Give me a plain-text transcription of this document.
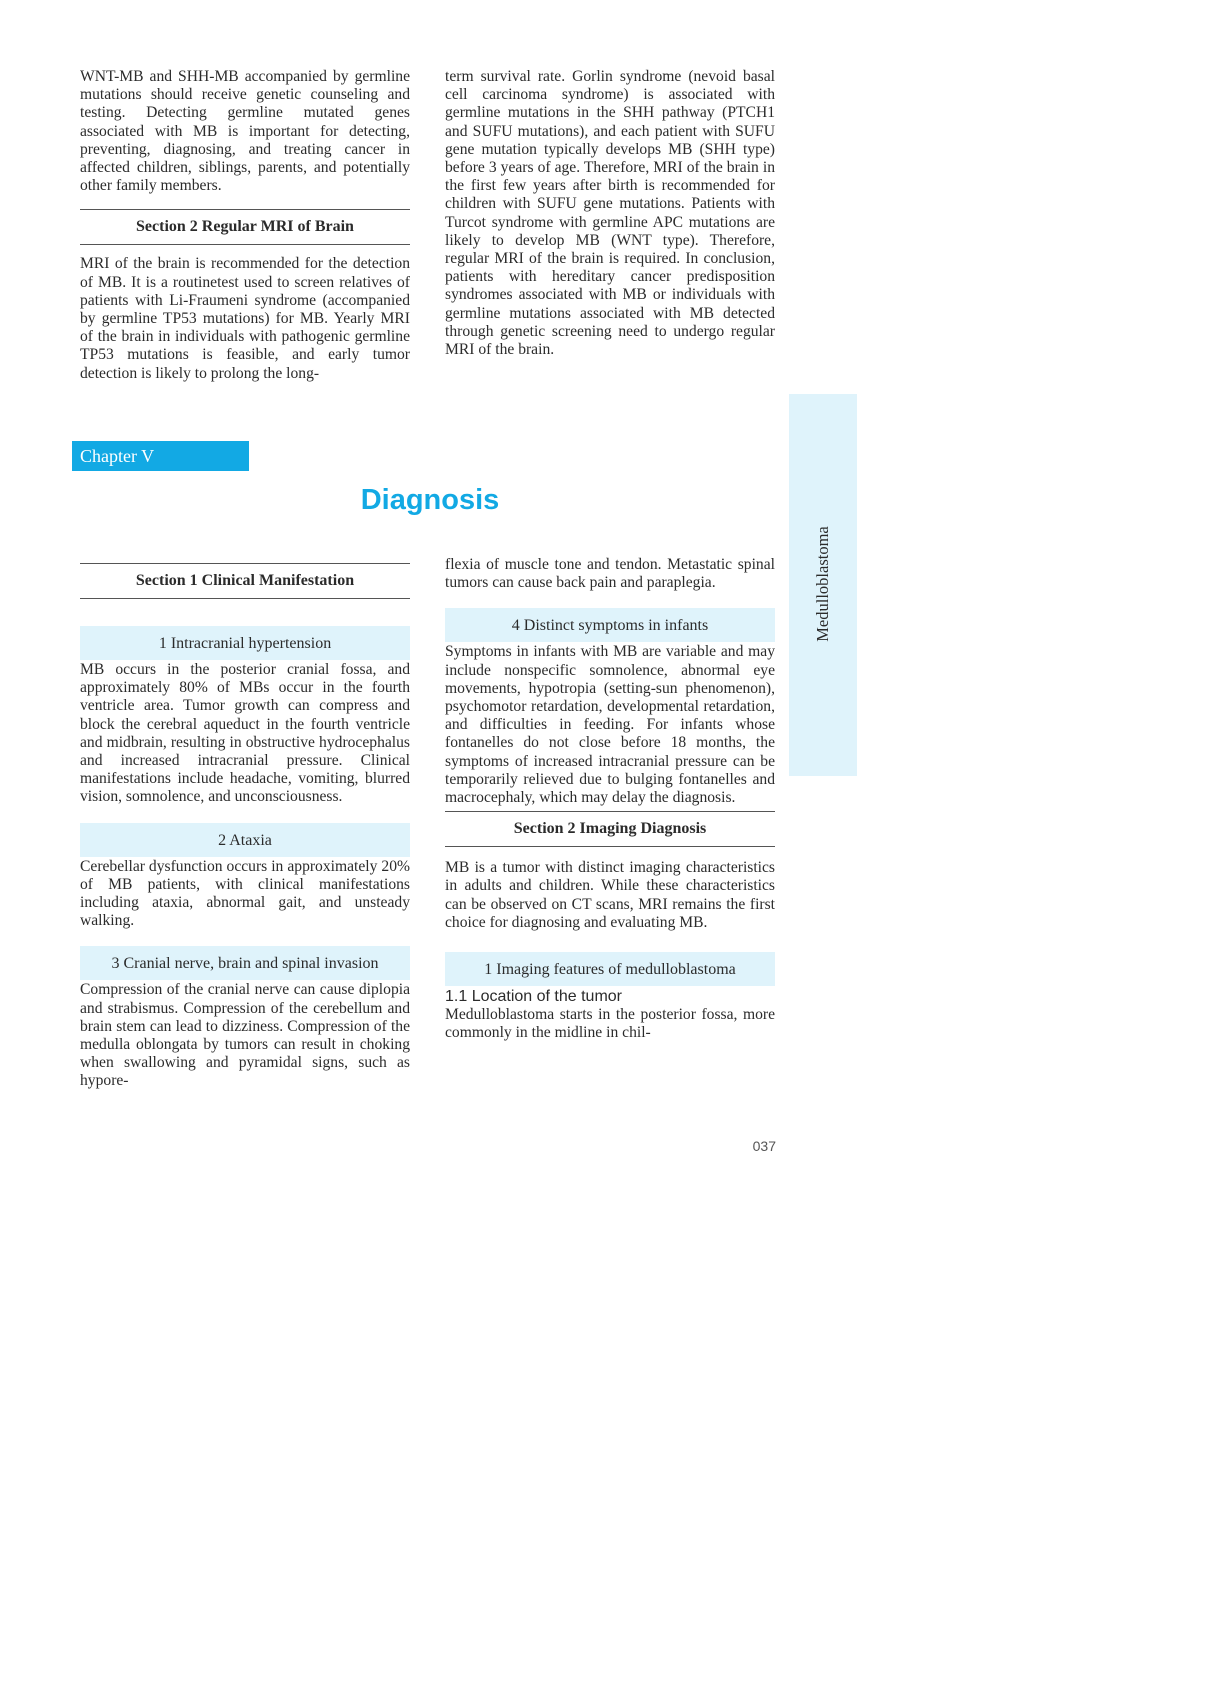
WNT-MB and SHH-MB accompanied by germline mutations should receive genetic counseling and testing. Detecting germline mutated genes associated with MB is important for detecting, preventing, diagnosing, and treating cancer in affected children, siblings, parents, and potentially other family members.

Section 2 Regular MRI of Brain

MRI of the brain is recommended for the detection of MB. It is a routinetest used to screen relatives of patients with Li-Fraumeni syndrome (accompanied by germline TP53 mutations) for MB. Yearly MRI of the brain in individuals with pathogenic germline TP53 mutations is feasible, and early tumor detection is likely to prolong the long-

term survival rate. Gorlin syndrome (nevoid basal cell carcinoma syndrome) is associated with germline mutations in the SHH pathway (PTCH1 and SUFU mutations), and each patient with SUFU gene mutation typically develops MB (SHH type) before 3 years of age. Therefore, MRI of the brain in the first few years after birth is recommended for children with SUFU gene mutations. Patients with Turcot syndrome with germline APC mutations are likely to develop MB (WNT type). Therefore, regular MRI of the brain is required. In conclusion, patients with hereditary cancer predisposition syndromes associated with MB or individuals with germline mutations associated with MB detected through genetic screening need to undergo regular MRI of the brain.

Medulloblastoma
Chapter V
Diagnosis
Section 1 Clinical Manifestation
1 Intracranial hypertension

MB occurs in the posterior cranial fossa, and approximately 80% of MBs occur in the fourth ventricle area. Tumor growth can compress and block the cerebral aqueduct in the fourth ventricle and midbrain, resulting in obstructive hydrocephalus and increased intracranial pressure. Clinical manifestations include headache, vomiting, blurred vision, somnolence, and unconsciousness.

2 Ataxia

Cerebellar dysfunction occurs in approximately 20% of MB patients, with clinical manifestations including ataxia, abnormal gait, and unsteady walking.

3 Cranial nerve, brain and spinal invasion

Compression of the cranial nerve can cause diplopia and strabismus. Compression of the cerebellum and brain stem can lead to dizziness. Compression of the medulla oblongata by tumors can result in choking when swallowing and pyramidal signs, such as hypore-

flexia of muscle tone and tendon. Metastatic spinal tumors can cause back pain and paraplegia.

4 Distinct symptoms in infants

Symptoms in infants with MB are variable and may include nonspecific somnolence, abnormal eye movements, hypotropia (setting-sun phenomenon), psychomotor retardation, developmental retardation, and difficulties in feeding. For infants whose fontanelles do not close before 18 months, the symptoms of increased intracranial pressure can be temporarily relieved due to bulging fontanelles and macrocephaly, which may delay the diagnosis.

Section 2 Imaging Diagnosis

MB is a tumor with distinct imaging characteristics in adults and children. While these characteristics can be observed on CT scans, MRI remains the first choice for diagnosing and evaluating MB.

1 Imaging features of medulloblastoma

1.1 Location of the tumor

Medulloblastoma starts in the posterior fossa, more commonly in the midline in chil-

037
